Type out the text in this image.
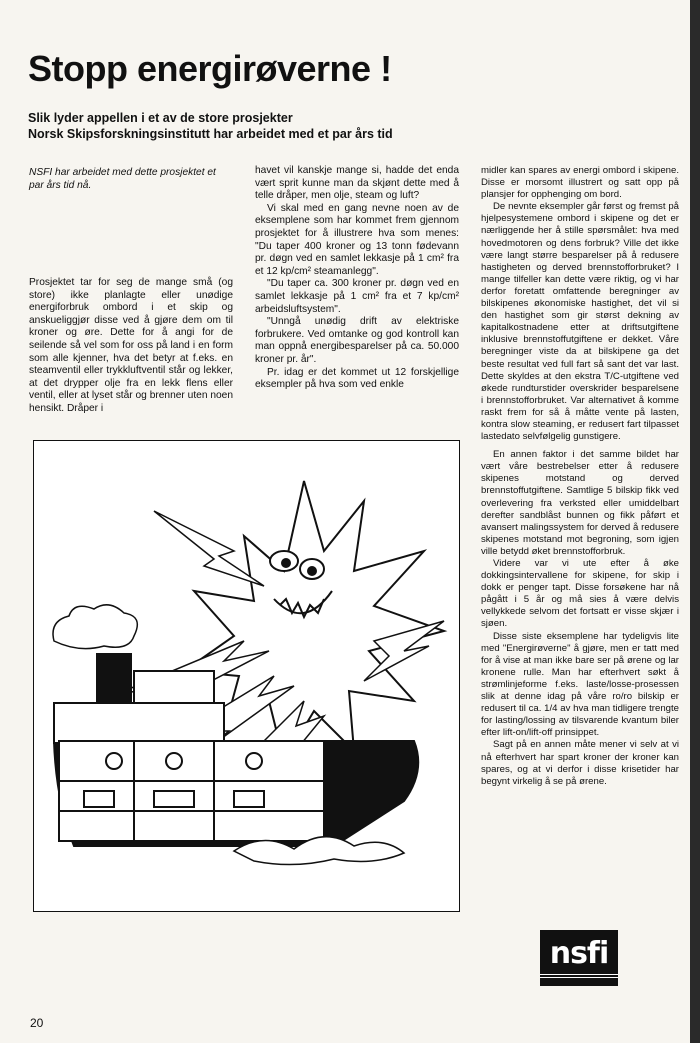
Stopp energirøverne !
Slik lyder appellen i et av de store prosjekter
Norsk Skipsforskningsinstitutt har arbeidet med et par års tid

NSFI har arbeidet med dette prosjektet et par års tid nå.

Prosjektet tar for seg de mange små (og store) ikke planlagte eller unødige energiforbruk ombord i et skip og anskueliggjør disse ved å gjøre dem om til kroner og øre. Dette for å angi for de seilende så vel som for oss på land i en form som alle kjenner, hva det betyr at f.eks. en steamventil eller trykkluftventil står og lekker, at det drypper olje fra en lekk flens eller ventil, eller at lyset står og brenner uten noen hensikt. Dråper i

havet vil kanskje mange si, hadde det enda vært sprit kunne man da skjønt dette med å telle dråper, men olje, steam og luft?

Vi skal med en gang nevne noen av de eksemplene som har kommet frem gjennom prosjektet for å illustrere hva som menes: "Du taper 400 kroner og 13 tonn fødevann pr. døgn ved en samlet lekkasje på 1 cm² fra et 12 kp/cm² steamanlegg".

"Du taper ca. 300 kroner pr. døgn ved en samlet lekkasje på 1 cm² fra et 7 kp/cm² arbeidsluftsystem".

"Unngå unødig drift av elektriske forbrukere. Ved omtanke og god kontroll kan man oppnå energibesparelser på ca. 50.000 kroner pr. år".

Pr. idag er det kommet ut 12 forskjellige eksempler på hva som ved enkle

midler kan spares av energi ombord i skipene. Disse er morsomt illustrert og satt opp på plansjer for opphenging om bord.

De nevnte eksempler går først og fremst på hjelpesystemene ombord i skipene og det er nærliggende her å stille spørsmålet: hva med hovedmotoren og dens forbruk? Ville det ikke være langt større besparelser på å redusere hastigheten og derved brennstofforbruket? I mange tilfeller kan dette være riktig, og vi har derfor foretatt omfattende beregninger av bilskipenes økonomiske hastighet, det vil si den hastighet som gir størst dekning av kapitalkostnadene etter at driftsutgiftene inklusive brennstoffutgiftene er dekket. Våre beregninger viste da at bilskipene ga det beste resultat ved full fart så sant det var last. Dette skyldes at den ekstra T/C-utgiftene ved økede rundturstider overskrider besparelsene i brennstofforbruket. Var alternativet å komme raskt frem for så å måtte vente på lasten, kontra slow steaming, er redusert fart tilpasset lastedato selvfølgelig gunstigere.

En annen faktor i det samme bildet har vært våre bestrebelser etter å redusere skipenes motstand og derved brennstoffutgiftene. Samtlige 5 bilskip fikk ved overlevering fra verksted eller umiddelbart derefter sandblåst bunnen og fikk påført et avansert malingssystem for derved å redusere skipenes motstand mot begroning, som igjen ville betydd øket brennstofforbruk.

Videre var vi ute efter å øke dokkingsintervallene for skipene, for skip i dokk er penger tapt. Disse forsøkene har nå pågått i 5 år og må sies å være delvis vellykkede selvom det fortsatt er visse skjær i sjøen.

Disse siste eksemplene har tydeligvis lite med "Energirøverne" å gjøre, men er tatt med for å vise at man ikke bare ser på ørene og lar kronene rulle. Man har efterhvert søkt å strømlinjeforme f.eks. laste/losse-prosessen slik at denne idag på våre ro/ro bilskip er redusert til ca. 1/4 av hva man tidligere trengte for lasting/lossing av tilsvarende kvantum biler efter lift-on/lift-off prinsippet.

Sagt på en annen måte mener vi selv at vi nå efterhvert har spart kroner der kroner kan spares, og at vi derfor i disse krisetider har begynt virkelig å se på ørene.

nsfi
20
